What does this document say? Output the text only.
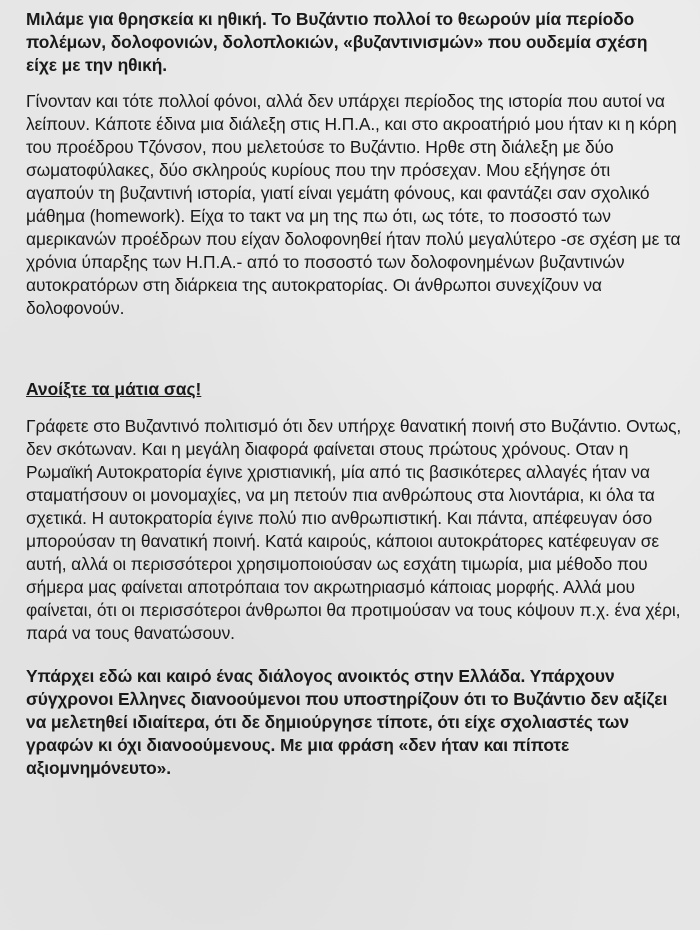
Μιλάμε για θρησκεία κι ηθική. Το Βυζάντιο πολλοί το θεωρούν μία περίοδο πολέμων, δολοφονιών, δολοπλοκιών, «βυζαντινισμών» που ουδεμία σχέση είχε με την ηθική.

Γίνονταν και τότε πολλοί φόνοι, αλλά δεν υπάρχει περίοδος της ιστορία που αυτοί να λείπουν. Κάποτε έδινα μια διάλεξη στις Η.Π.Α., και στο ακροατήριό μου ήταν κι η κόρη του προέδρου Τζόνσον, που μελετούσε το Βυζάντιο. Ηρθε στη διάλεξη με δύο σωματοφύλακες, δύο σκληρούς κυρίους που την πρόσεχαν. Μου εξήγησε ότι αγαπούν τη βυζαντινή ιστορία, γιατί είναι γεμάτη φόνους, και φαντάζει σαν σχολικό μάθημα (homework). Είχα το τακτ να μη της πω ότι, ως τότε, το ποσοστό των αμερικανών προέδρων που είχαν δολοφονηθεί ήταν πολύ μεγαλύτερο -σε σχέση με τα χρόνια ύπαρξης των Η.Π.Α.- από το ποσοστό των δολοφονημένων βυζαντινών αυτοκρατόρων στη διάρκεια της αυτοκρατορίας. Οι άνθρωποι συνεχίζουν να δολοφονούν.

Ανοίξτε τα μάτια σας!

Γράφετε στο Βυζαντινό πολιτισμό ότι δεν υπήρχε θανατική ποινή στο Βυζάντιο. Οντως, δεν σκότωναν. Και η μεγάλη διαφορά φαίνεται στους πρώτους χρόνους. Οταν η Ρωμαϊκή Αυτοκρατορία έγινε χριστιανική, μία από τις βασικότερες αλλαγές ήταν να σταματήσουν οι μονομαχίες, να μη πετούν πια ανθρώπους στα λιοντάρια, κι όλα τα σχετικά. Η αυτοκρατορία έγινε πολύ πιο ανθρωπιστική. Και πάντα, απέφευγαν όσο μπορούσαν τη θανατική ποινή. Κατά καιρούς, κάποιοι αυτοκράτορες κατέφευγαν σε αυτή, αλλά οι περισσότεροι χρησιμοποιούσαν ως εσχάτη τιμωρία, μια μέθοδο που σήμερα μας φαίνεται αποτρόπαια τον ακρωτηριασμό κάποιας μορφής. Αλλά μου φαίνεται, ότι οι περισσότεροι άνθρωποι θα προτιμούσαν να τους κόψουν π.χ. ένα χέρι, παρά να τους θανατώσουν.

Υπάρχει εδώ και καιρό ένας διάλογος ανοικτός στην Ελλάδα. Υπάρχουν σύγχρονοι Ελληνες διανοούμενοι που υποστηρίζουν ότι το Βυζάντιο δεν αξίζει να μελετηθεί ιδιαίτερα, ότι δε δημιούργησε τίποτε, ότι είχε σχολιαστές των γραφών κι όχι διανοούμενους. Με μια φράση «δεν ήταν και πίποτε αξιομνημόνευτο».
